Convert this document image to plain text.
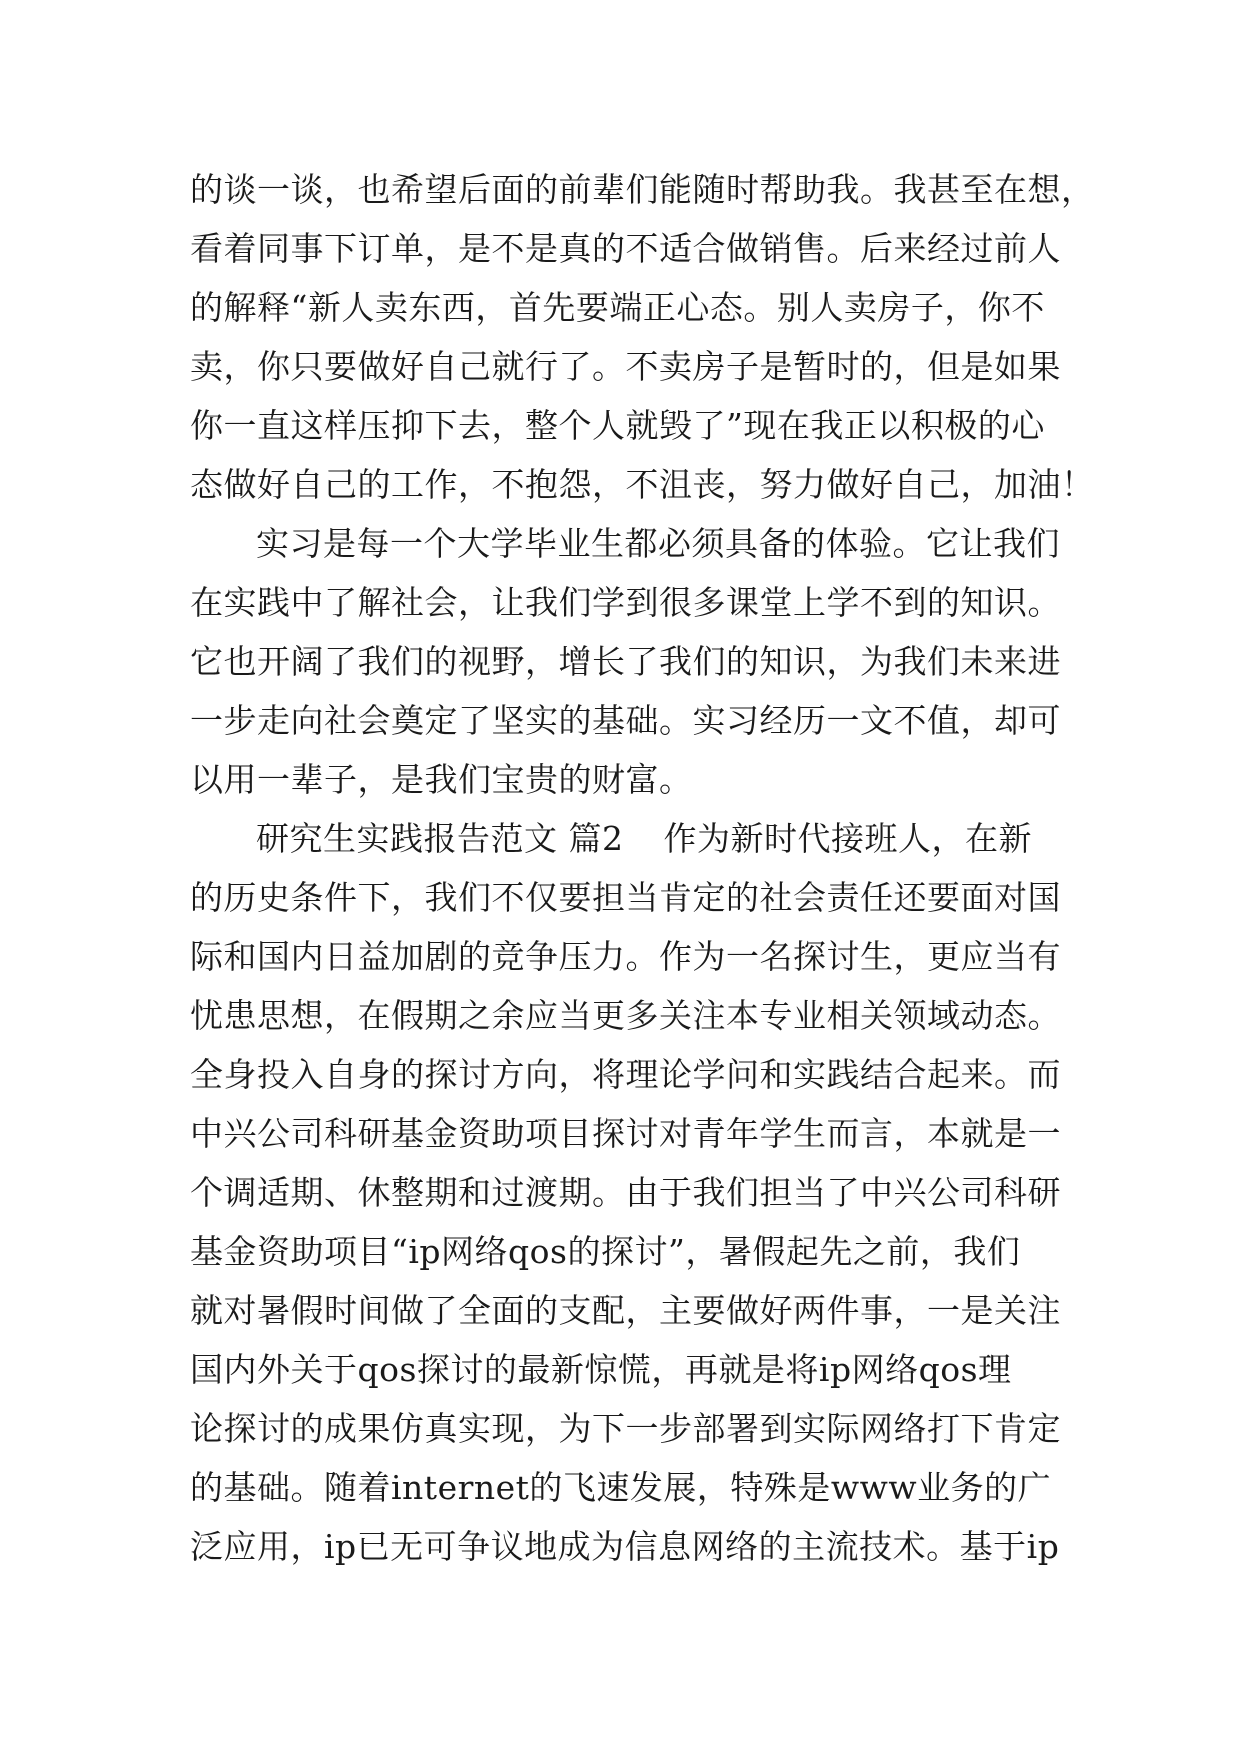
的谈一谈，也希望后面的前辈们能随时帮助我。我甚至在想，
看着同事下订单，是不是真的不适合做销售。后来经过前人
的解释“新人卖东西，首先要端正心态。别人卖房子，你不
卖，你只要做好自己就行了。不卖房子是暂时的，但是如果
你一直这样压抑下去，整个人就毁了”现在我正以积极的心
态做好自己的工作，不抱怨，不沮丧，努力做好自己，加油！
实习是每一个大学毕业生都必须具备的体验。它让我们
在实践中了解社会，让我们学到很多课堂上学不到的知识。
它也开阔了我们的视野，增长了我们的知识，为我们未来进
一步走向社会奠定了坚实的基础。实习经历一文不值，却可
以用一辈子，是我们宝贵的财富。
研究生实践报告范文 篇2 作为新时代接班人，在新
的历史条件下，我们不仅要担当肯定的社会责任还要面对国
际和国内日益加剧的竞争压力。作为一名探讨生，更应当有
忧患思想，在假期之余应当更多关注本专业相关领域动态。
全身投入自身的探讨方向，将理论学问和实践结合起来。而
中兴公司科研基金资助项目探讨对青年学生而言，本就是一
个调适期、休整期和过渡期。由于我们担当了中兴公司科研
基金资助项目“ip网络qos的探讨”，暑假起先之前，我们
就对暑假时间做了全面的支配，主要做好两件事，一是关注
国内外关于qos探讨的最新惊慌，再就是将ip网络qos理
论探讨的成果仿真实现，为下一步部署到实际网络打下肯定
的基础。随着internet的飞速发展，特殊是www业务的广
泛应用，ip已无可争议地成为信息网络的主流技术。基于ip
